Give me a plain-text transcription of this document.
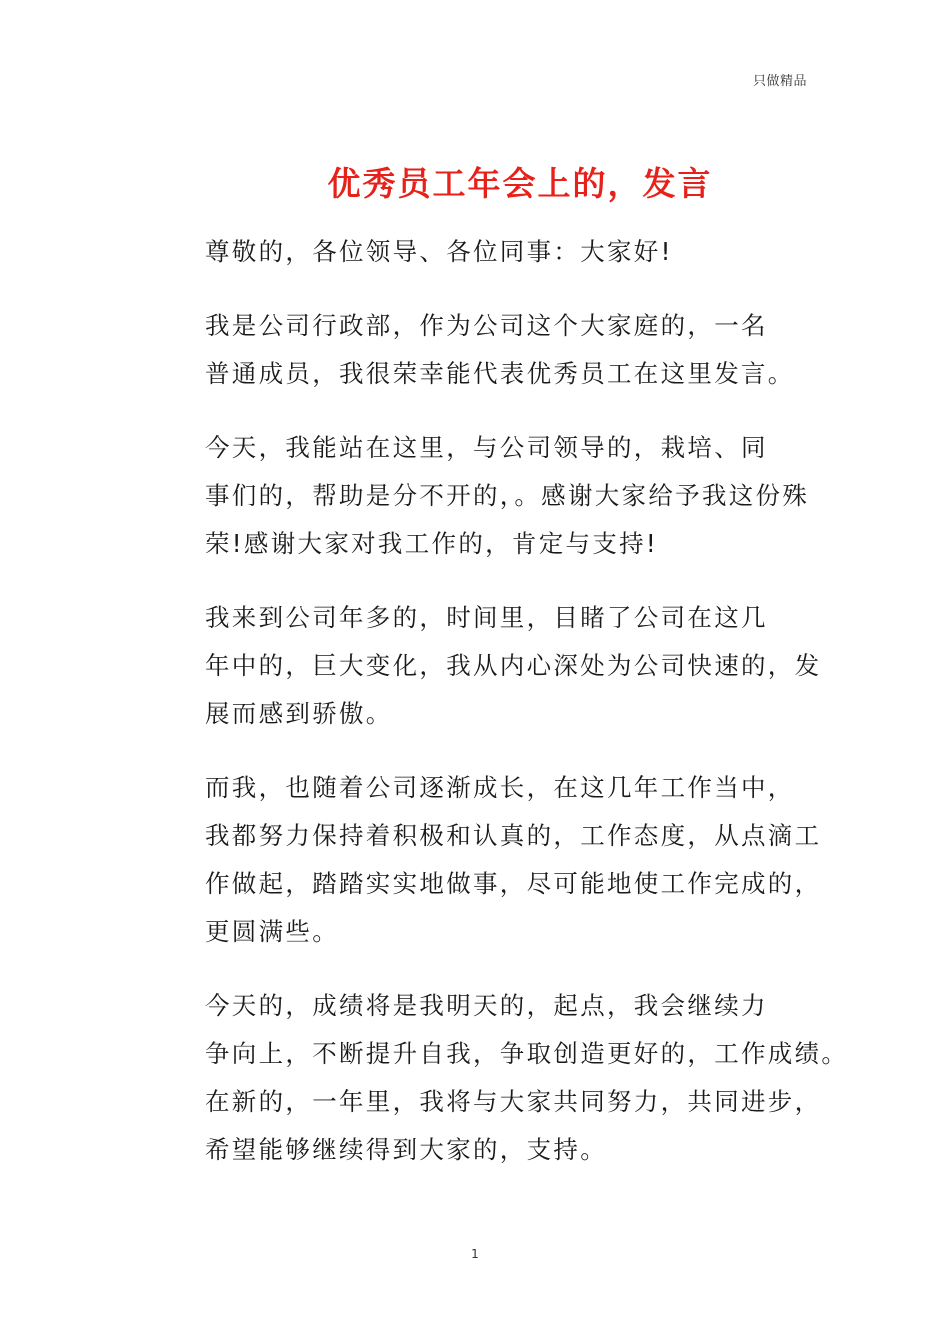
只做精品
优秀员工年会上的，发言

尊敬的，各位领导、各位同事：大家好!

我是公司行政部，作为公司这个大家庭的，一名
普通成员，我很荣幸能代表优秀员工在这里发言。

今天，我能站在这里，与公司领导的，栽培、同
事们的，帮助是分不开的，。感谢大家给予我这份殊
荣!感谢大家对我工作的，肯定与支持!

我来到公司年多的，时间里，目睹了公司在这几
年中的，巨大变化，我从内心深处为公司快速的，发
展而感到骄傲。

而我，也随着公司逐渐成长，在这几年工作当中，
我都努力保持着积极和认真的，工作态度，从点滴工
作做起，踏踏实实地做事，尽可能地使工作完成的，
更圆满些。

今天的，成绩将是我明天的，起点，我会继续力
争向上，不断提升自我，争取创造更好的，工作成绩。
在新的，一年里，我将与大家共同努力，共同进步，
希望能够继续得到大家的，支持。

1
